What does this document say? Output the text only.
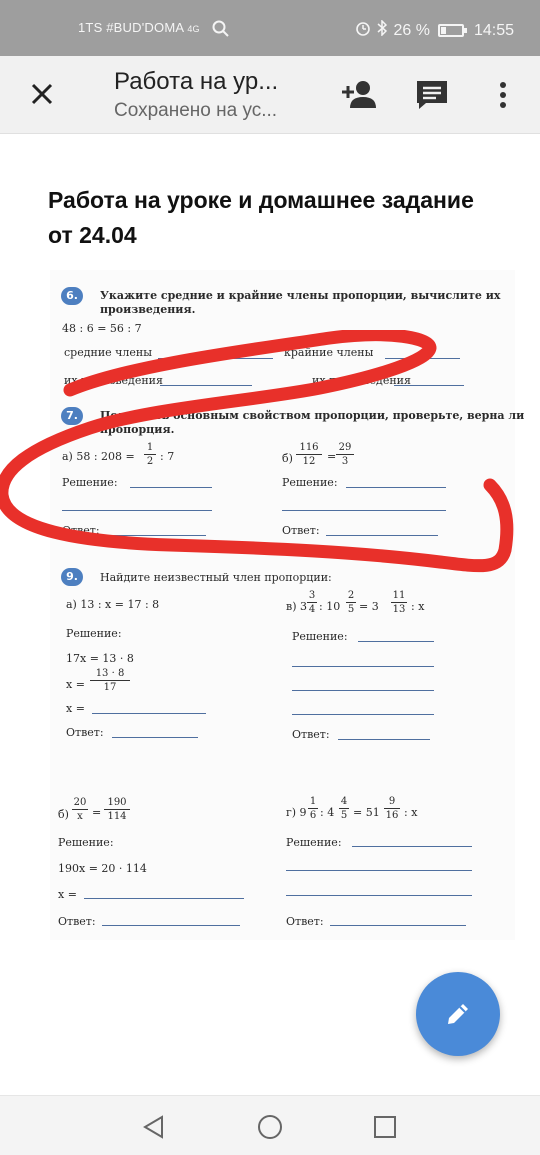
1TS #BUD'DOMA 4G	26 %	14:55
Работа на ур...
Сохранено на ус...
Работа на уроке и домашнее задание от 24.04
6.	Укажите средние и крайние члены пропорции, вычислите их
произведения.
48 : 6 = 56 : 7
средние члены	крайние члены
их произведения	их произведения
7.	Пользуясь основным свойством пропорции, проверьте, верна ли
пропорция.
а) 58 : 208 =
1
2 : 7	б)
116
12	=
29
3
Решение:	Решение:
Ответ:	Ответ:
9.	Найдите неизвестный член пропорции:
а) 13 : x = 17 : 8	в) 3
3
4 : 10
2
5 = 3
11
13 : x
Решение:
17x = 13 · 8
x =
13 · 8
17
x =
Ответ:
Решение:
Ответ:
б)
20
x =
190
114
Решение:
190x = 20 · 114
x =
Ответ:
г) 9
1
6 : 4
4
5 = 51
9
16 : x
Решение:
Ответ:
